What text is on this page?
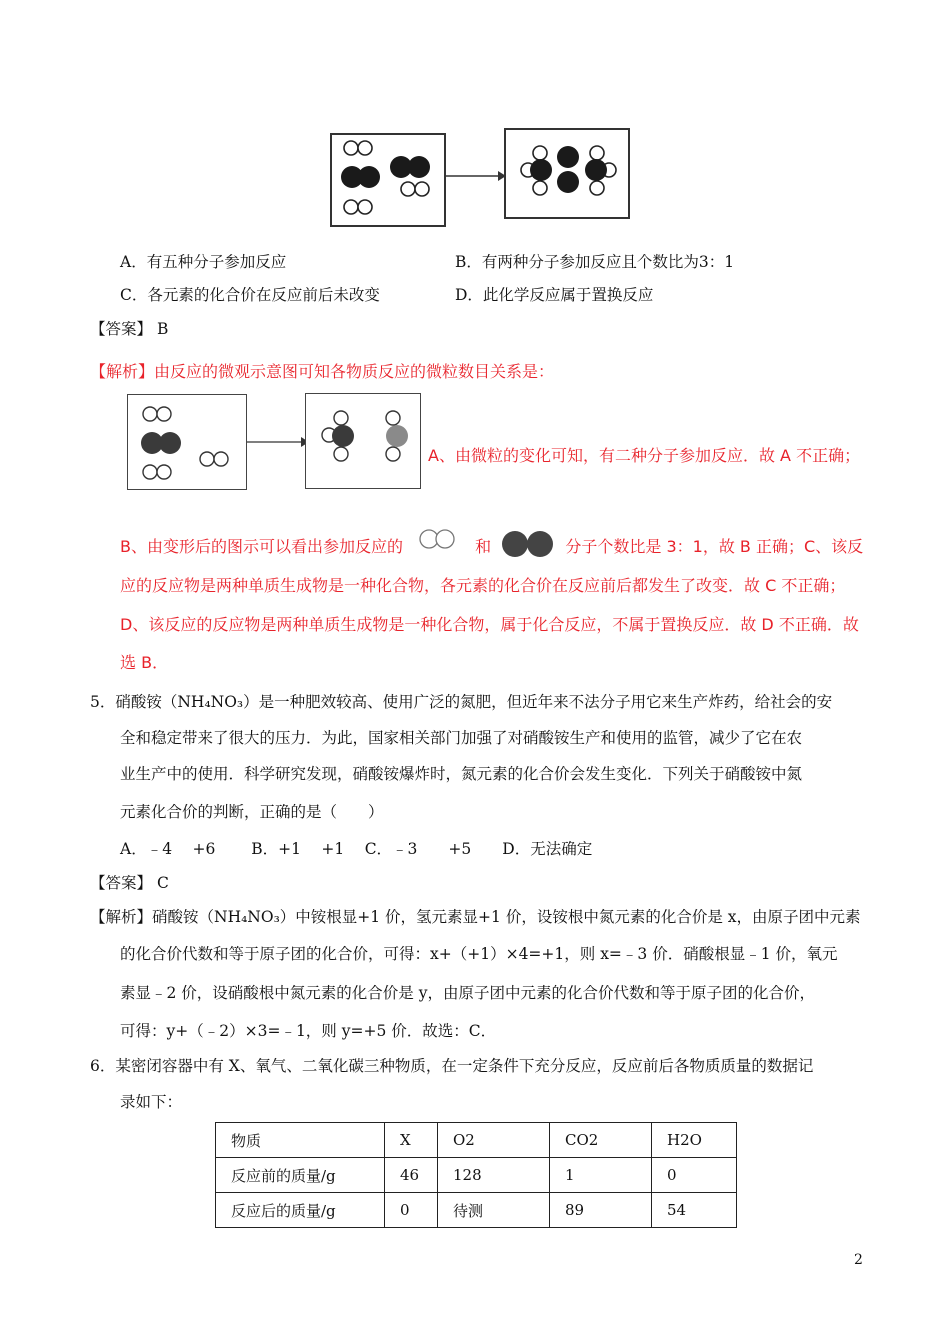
A．有五种分子参加反应	B．有两种分子参加反应且个数比为3：1
C．各元素的化合价在反应前后未改变	D．此化学反应属于置换反应
【答案】 B
【解析】由反应的微观示意图可知各物质反应的微粒数目关系是：
A、由微粒的变化可知，有二种分子参加反应．故 A 不正确；
B、由变形后的图示可以看出参加反应的	和	分子个数比是 3：1，故 B 正确；C、该反
应的反应物是两种单质生成物是一种化合物，各元素的化合价在反应前后都发生了改变．故 C 不正确；
D、该反应的反应物是两种单质生成物是一种化合物，属于化合反应，不属于置换反应．故 D 不正确．故
选 B．
5．硝酸铵（NH₄NO₃）是一种肥效较高、使用广泛的氮肥，但近年来不法分子用它来生产炸药，给社会的安
全和稳定带来了很大的压力．为此，国家相关部门加强了对硝酸铵生产和使用的监管，减少了它在农
业生产中的使用．科学研究发现，硝酸铵爆炸时，氮元素的化合价会发生变化．下列关于硝酸铵中氮
元素化合价的判断，正确的是（　　）
A．﹣4　 +6　　 B．+1　 +1　 C．﹣3　　+5　　D．无法确定
【答案】 C
【解析】硝酸铵（NH₄NO₃）中铵根显+1 价，氢元素显+1 价，设铵根中氮元素的化合价是 x，由原子团中元素
的化合价代数和等于原子团的化合价，可得：x+（+1）×4=+1，则 x=﹣3 价．硝酸根显﹣1 价，氧元
素显﹣2 价，设硝酸根中氮元素的化合价是 y，由原子团中元素的化合价代数和等于原子团的化合价，
可得：y+（﹣2）×3=﹣1，则 y=+5 价．故选：C．
6．某密闭容器中有 X、氧气、二氧化碳三种物质，在一定条件下充分反应，反应前后各物质质量的数据记
录如下：
物质	X	O2	CO2	H2O
反应前的质量/g	46	128	1	0
反应后的质量/g	0	待测	89	54
2
